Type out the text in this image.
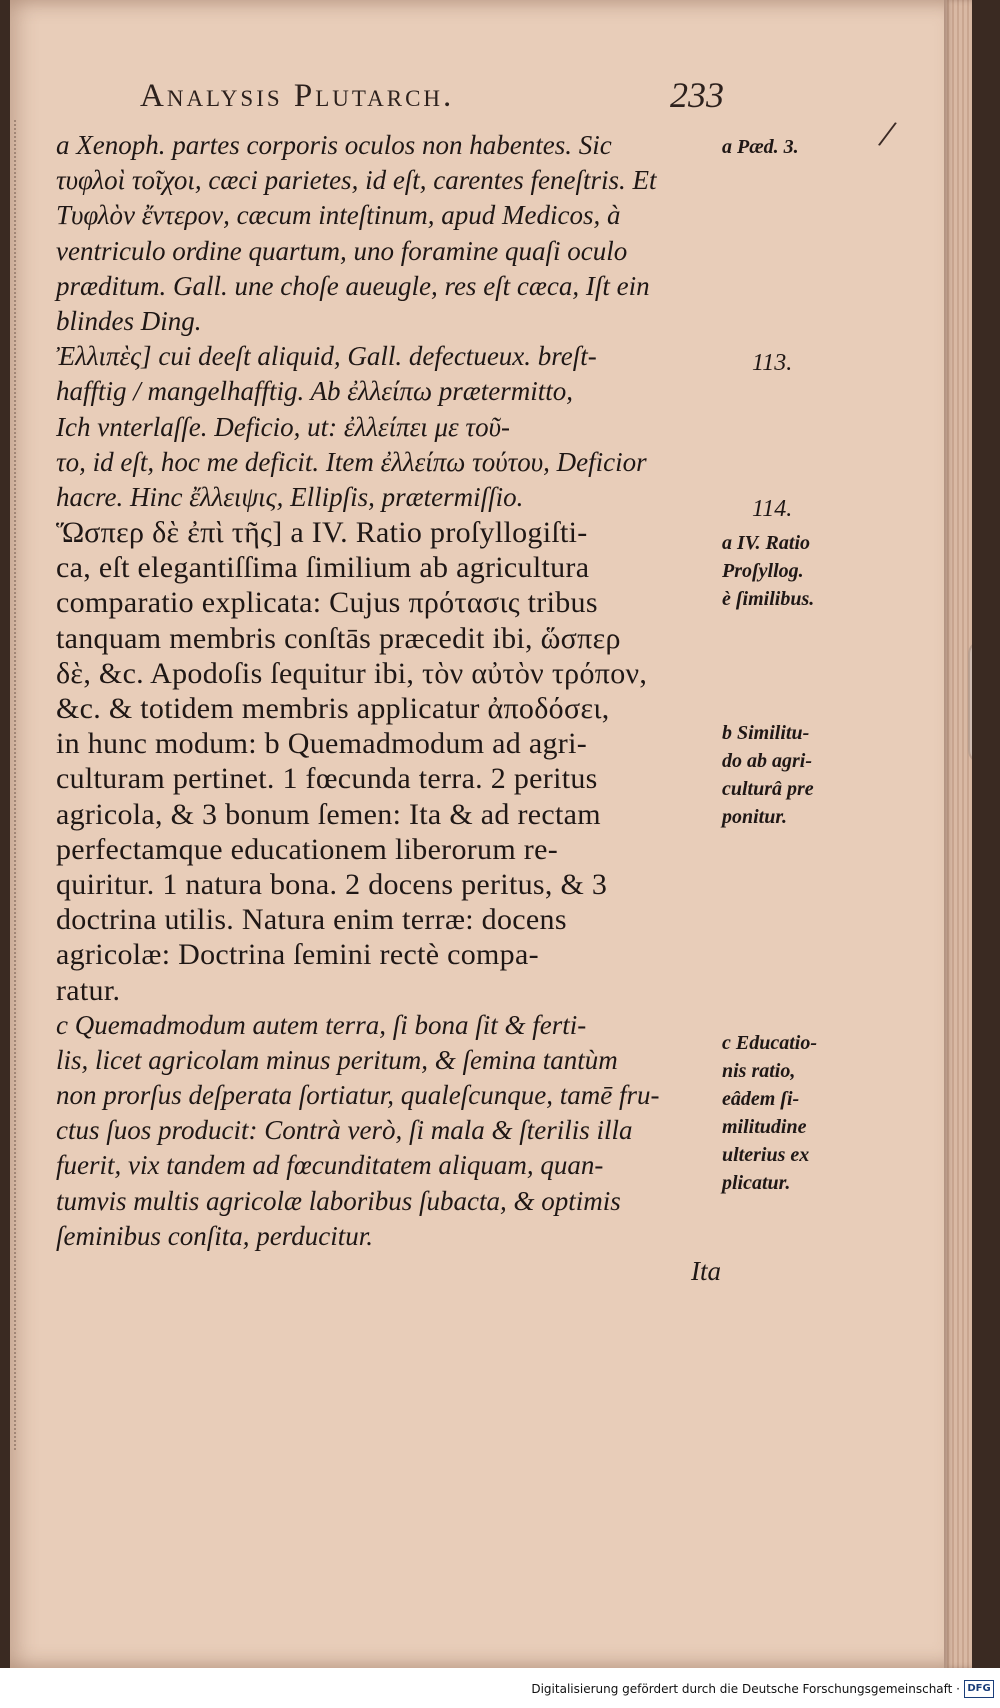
Analysis Plutarch.	233
/
a Xenoph. partes corporis oculos non habentes. Sic
τυφλοὶ τοῖχοι, cæci parietes, id eſt, carentes feneſtris. Et
Τυφλὸν ἔντερον, cæcum inteſtinum, apud Medicos, à
ventriculo ordine quartum, uno foramine quaſi oculo
præditum. Gall. une choſe aueugle, res eſt cæca, Iſt ein
blindes Ding.
Ἐλλιπὲς] cui deeſt aliquid, Gall. defectueux. breſt-
hafftig / mangelhafftig. Ab ἐλλείπω prætermitto,
Ich vnterlaſſe. Deficio, ut: ἐλλείπει με τοῦ-
το, id eſt, hoc me deficit. Item ἐλλείπω τούτου, Deficior
hacre. Hinc ἔλλειψις, Ellipſis, prætermiſſio.
Ὥσπερ δὲ ἐπὶ τῆς] a IV. Ratio proſyllogiſti-
ca, eſt elegantiſſima ſimilium ab agricultura
comparatio explicata: Cujus πρότασις tribus
tanquam membris conſtās præcedit ibi, ὥσπερ
δὲ, &c. Apodoſis ſequitur ibi, τὸν αὐτὸν τρόπον,
&c. & totidem membris applicatur ἀποδόσει,
in hunc modum: b Quemadmodum ad agri-
culturam pertinet. 1 fœcunda terra. 2 peritus
agricola, & 3 bonum ſemen: Ita & ad rectam
perfectamque educationem liberorum re-
quiritur. 1 natura bona. 2 docens peritus, & 3
doctrina utilis. Natura enim terræ: docens
agricolæ: Doctrina ſemini rectè compa-
ratur.
c Quemadmodum autem terra, ſi bona ſit & ferti-
lis, licet agricolam minus peritum, & ſemina tantùm
non prorſus deſperata ſortiatur, qualeſcunque, tamē fru-
ctus ſuos producit: Contrà verò, ſi mala & ſterilis illa
fuerit, vix tandem ad fœcunditatem aliquam, quan-
tumvis multis agricolæ laboribus ſubacta, & optimis
ſeminibus conſita, perducitur.
Ita
a Pæd. 3.
113.
114.
a IV. Ratio
Proſyllog.
è ſimilibus.
b Similitu-
do ab agri-
culturâ pre
ponitur.
c Educatio-
nis ratio,
eâdem ſi-
militudine
ulterius ex
plicatur.
Digitalisierung gefördert durch die Deutsche Forschungsgemeinschaft · DFG
